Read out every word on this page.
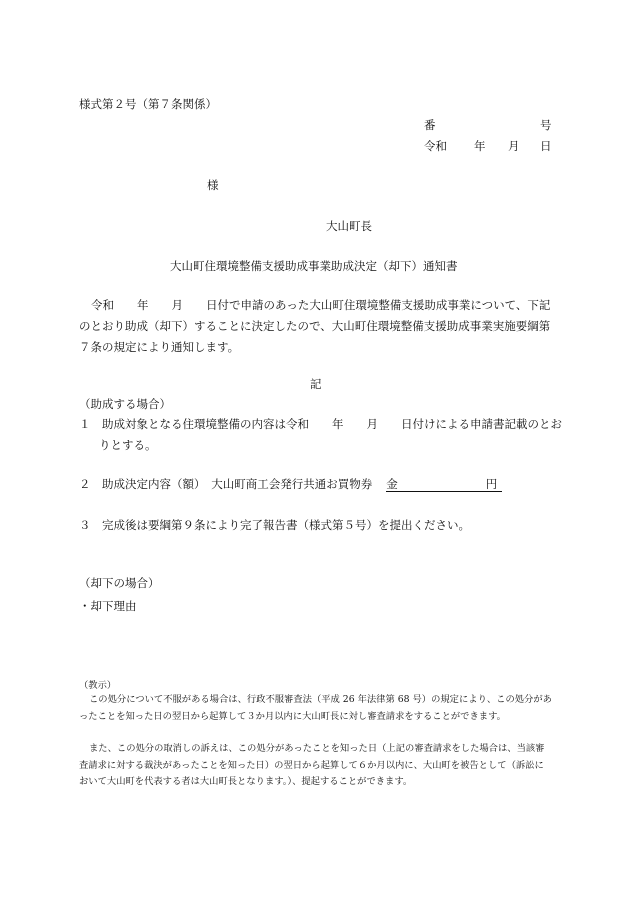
様式第２号（第７条関係）
番	号
令和 年 月 日
様
大山町長
大山町住環境整備支援助成事業助成決定（却下）通知書
令和　　年　　月　　日付で申請のあった大山町住環境整備支援助成事業について、下記のとおり助成（却下）することに決定したので、大山町住環境整備支援助成事業実施要綱第７条の規定により通知します。
記
（助成する場合）
１　助成対象となる住環境整備の内容は令和　　年　　月　　日付けによる申請書記載のとおりとする。
２　助成決定内容（額）　大山町商工会発行共通お買物券 金	円
３　完成後は要綱第９条により完了報告書（様式第５号）を提出ください。
（却下の場合）
・却下理由
（教示）
この処分について不服がある場合は、行政不服審査法（平成 26 年法律第 68 号）の規定により、この処分があったことを知った日の翌日から起算して３か月以内に大山町長に対し審査請求をすることができます。
また、この処分の取消しの訴えは、この処分があったことを知った日（上記の審査請求をした場合は、当該審査請求に対する裁決があったことを知った日）の翌日から起算して６か月以内に、大山町を被告として（訴訟において大山町を代表する者は大山町長となります。）、提起することができます。
